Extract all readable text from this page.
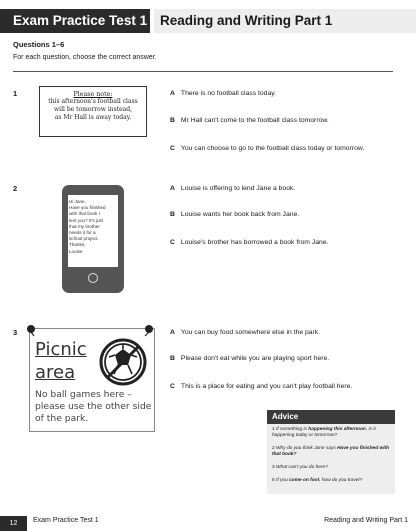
Exam Practice Test 1 Reading and Writing Part 1
Questions 1–6
For each question, choose the correct answer.
1	Please note:
this afternoon's football class
will be tomorrow instead,
as Mr Hall is away today.
A There is no football class today.
B Mr Hall can't come to the football class tomorrow.
C You can choose to go to the football class today or tomorrow.
2
Hi Jane,
Have you finished
with that book I
lent you? It's just
that my brother
needs it for a
school project.
Thanks,
Louise
A Louise is offering to lend Jane a book.
B Louise wants her book back from Jane.
C Louise's brother has borrowed a book from Jane.
3
Picnic
area
No ball games here – please use the other side of the park.
A You can buy food somewhere else in the park.
B Please don't eat while you are playing sport here.
C This is a place for eating and you can't play football here.
Advice
1 If something is happening this afternoon, is it happening today or tomorrow?
2 Why do you think Jane says Have you finished with that book?
3 What can't you do here?
5 If you come on foot, how do you travel?
12	Exam Practice Test 1	Reading and Writing Part 1
